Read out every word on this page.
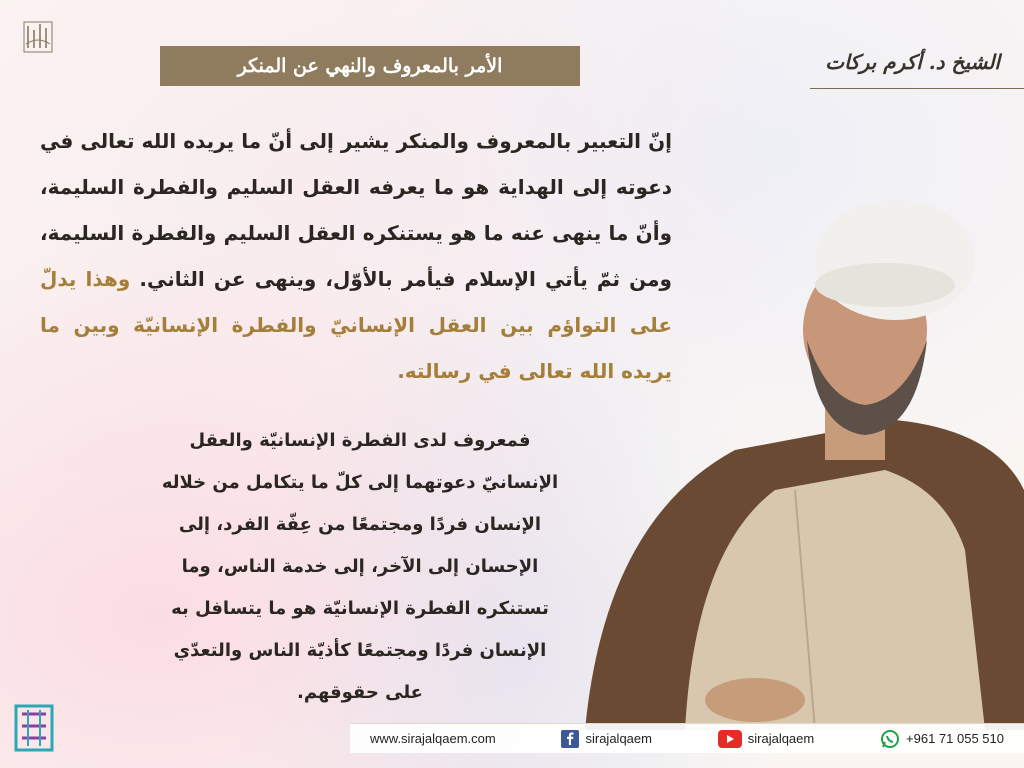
الأمر بالمعروف والنهي عن المنكر	الشيخ د. أكرم بركات
إنّ التعبير بالمعروف والمنكر يشير إلى أنّ ما يريده الله تعالى في دعوته إلى الهداية هو ما يعرفه العقل السليم والفطرة السليمة، وأنّ ما ينهى عنه ما هو يستنكره العقل السليم والفطرة السليمة، ومن ثمّ يأتي الإسلام فيأمر بالأوّل، وينهى عن الثاني. وهذا يدلّ على التواؤم بين العقل الإنسانيّ والفطرة الإنسانيّة وبين ما يريده الله تعالى في رسالته.
فمعروف لدى الفطرة الإنسانيّة والعقل الإنسانيّ دعوتهما إلى كلّ ما يتكامل من خلاله الإنسان فردًا ومجتمعًا من عِفّة الفرد، إلى الإحسان إلى الآخر، إلى خدمة الناس، وما تستنكره الفطرة الإنسانيّة هو ما يتسافل به الإنسان فردًا ومجتمعًا كأذيّة الناس والتعدّي على حقوقهم.
www.sirajalqaem.com	sirajalqaem	sirajalqaem	+961 71 055 510
